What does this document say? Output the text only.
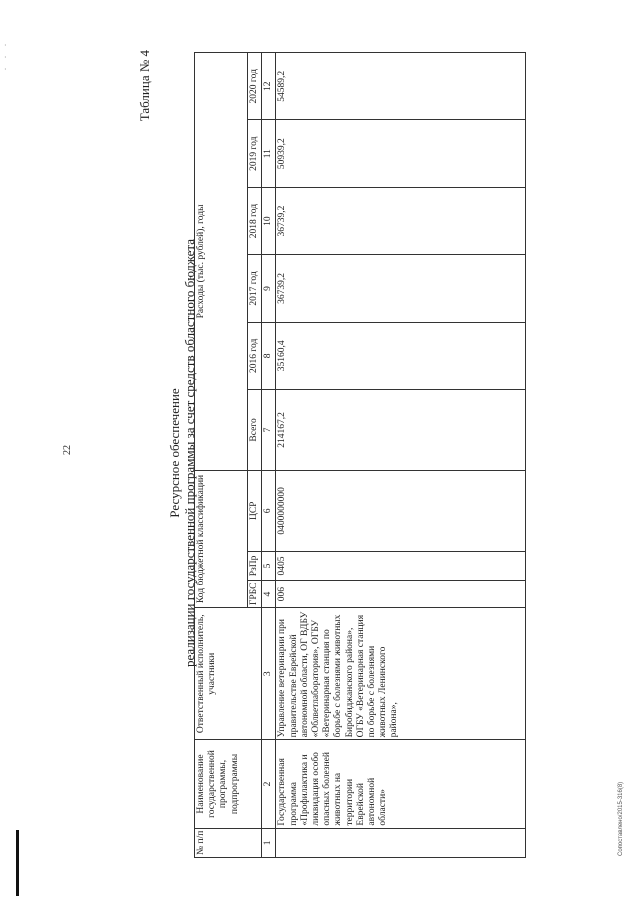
·
·
·
22
Сопоставлено/2015-316(8)
Таблица № 4
Ресурсное обеспечение реализации государственной программы за счет средств областного бюджета
№ п/п	Наименование государственной программы, подпрограммы	Ответственный исполнитель, участники	Код бюджетной классификации			Расходы (тыс. рублей), годы					
			ГРБС	РзПр	ЦСР	Всего	2016 год	2017 год	2018 год	2019 год	2020 год
1	2	3	4	5	6	7	8	9	10	11	12
	Государственная программа «Профилактика и ликвидация особо опасных болезней животных на территории Еврейской автономной области»	Управление ветеринарии при правительстве Еврейской автономной области, ОГ ВДБУ «Облветлаборатория», ОГБУ «Ветеринарная станция по борьбе с болезнями животных Биробиджанского района», ОГБУ «Ветеринарная станция по борьбе с болезнями животных Ленинского района»,	006	0405	0400000000	214167,2	35160,4	36739,2	36739,2	50939,2	54589,2
